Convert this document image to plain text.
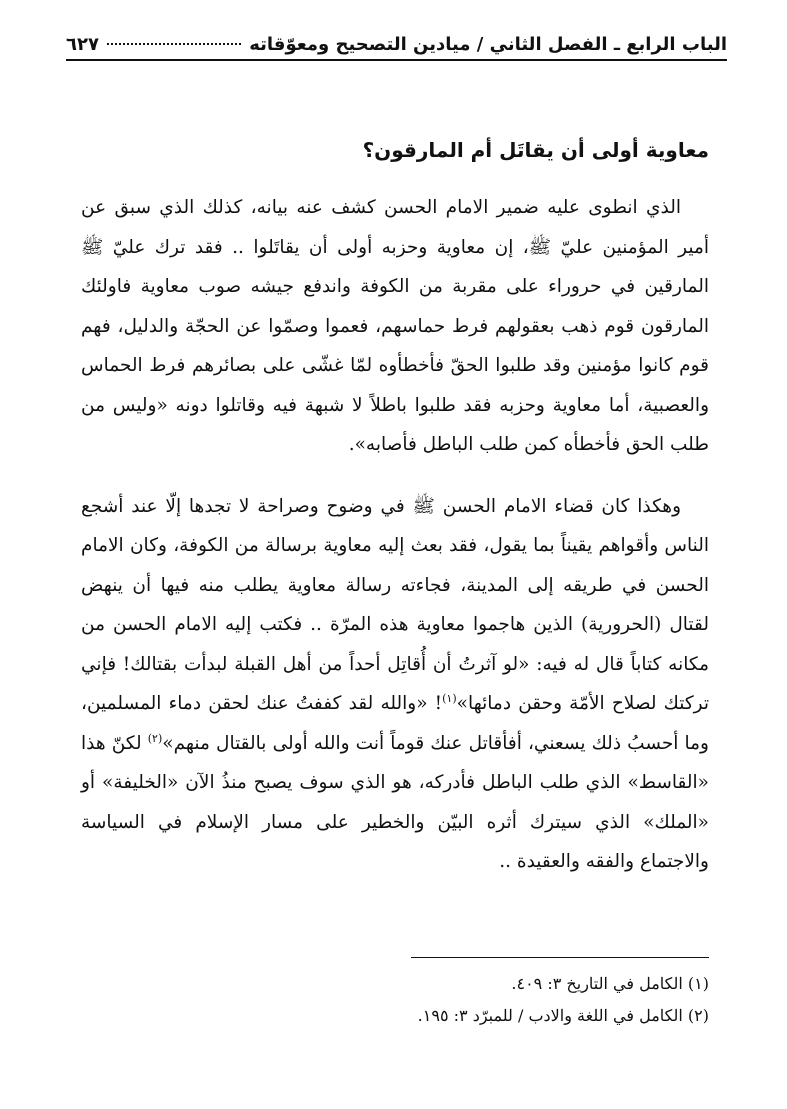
الباب الرابع ـ الفصل الثاني / ميادين التصحيح ومعوّقاته
٦٢٧
معاوية أولى أن يقاتَل أم المارقون؟

الذي انطوى عليه ضمير الامام الحسن كشف عنه بيانه، كذلك الذي سبق عن أمير المؤمنين عليّ ﷺ، إن معاوية وحزبه أولى أن يقاتَلوا .. فقد ترك عليّ ﷺ المارقين في حروراء على مقربة من الكوفة واندفع جيشه صوب معاوية فاولئك المارقون قوم ذهب بعقولهم فرط حماسهم، فعموا وصمّوا عن الحجّة والدليل، فهم قوم كانوا مؤمنين وقد طلبوا الحقّ فأخطأوه لمّا غشّى على بصائرهم فرط الحماس والعصبية، أما معاوية وحزبه فقد طلبوا باطلاً لا شبهة فيه وقاتلوا دونه «وليس من طلب الحق فأخطأه كمن طلب الباطل فأصابه».

وهكذا كان قضاء الامام الحسن ﷺ في وضوح وصراحة لا تجدها إلّا عند أشجع الناس وأقواهم يقيناً بما يقول، فقد بعث إليه معاوية برسالة من الكوفة، وكان الامام الحسن في طريقه إلى المدينة، فجاءته رسالة معاوية يطلب منه فيها أن ينهض لقتال (الحرورية) الذين هاجموا معاوية هذه المرّة .. فكتب إليه الامام الحسن من مكانه كتاباً قال له فيه: «لو آثرتُ أن أُقاتِل أحداً من أهل القبلة لبدأت بقتالك! فإني تركتك لصلاح الأمّة وحقن دمائها»$^{(١)}$! «والله لقد كففتُ عنك لحقن دماء المسلمين، وما أحسبُ ذلك يسعني، أفأقاتل عنك قوماً أنت والله أولى بالقتال منهم»$^{(٢)}$ لكنّ هذا «القاسط» الذي طلب الباطل فأدركه، هو الذي سوف يصبح منذُ الآن «الخليفة» أو «الملك» الذي سيترك أثره البيّن والخطير على مسار الإسلام في السياسة والاجتماع والفقه والعقيدة ..

(١) الكامل في التاريخ ٣: ٤٠٩.
(٢) الكامل في اللغة والادب / للمبرّد ٣: ١٩٥.
